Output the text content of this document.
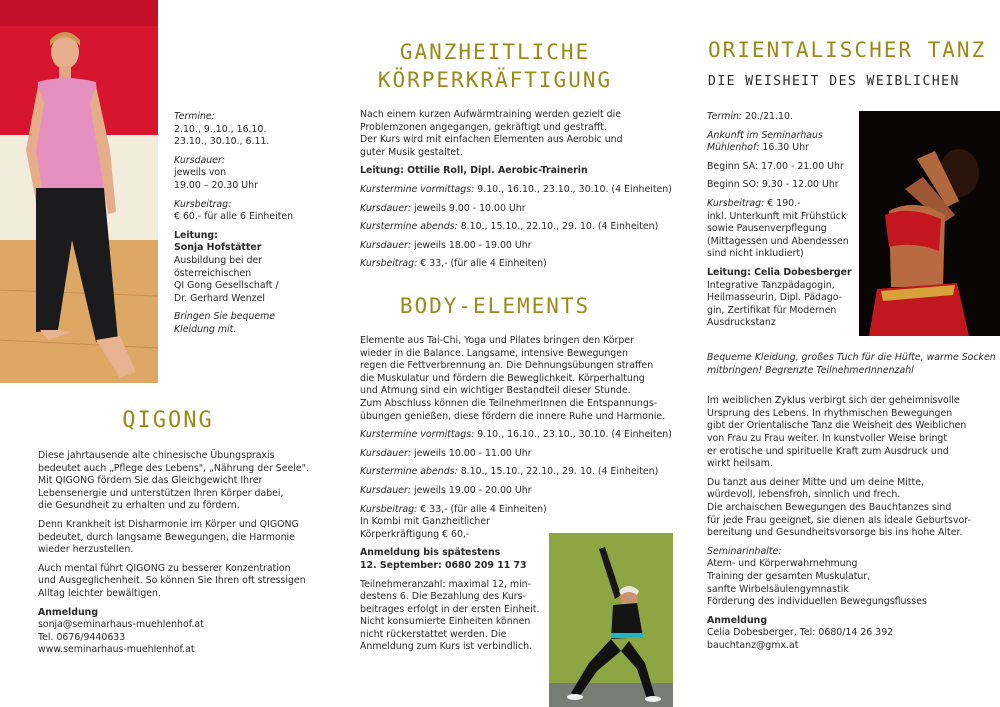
Termine:
2.10., 9.,10., 16.10.
23.10., 30.10., 6.11.
Kursdauer:
jeweils von
19.00 – 20.30 Uhr
Kursbeitrag:
€ 60.- für alle 6 Einheiten
Leitung:
Sonja Hofstätter
Ausbildung bei der
österreichischen
QI Gong Gesellschaft /
Dr. Gerhard Wenzel
Bringen Sie bequeme
Kleidung mit.
QIGONG
Diese jahrtausende alte chinesische Übungspraxis
bedeutet auch „Pflege des Lebens", „Nährung der Seele".
Mit QIGONG fördern Sie das Gleichgewicht Ihrer
Lebensenergie und unterstützen Ihren Körper dabei,
die Gesundheit zu erhalten und zu fördern.
Denn Krankheit ist Disharmonie im Körper und QIGONG
bedeutet, durch langsame Bewegungen, die Harmonie
wieder herzustellen.
Auch mental führt QIGONG zu besserer Konzentration
und Ausgeglichenheit. So können Sie Ihren oft stressigen
Alltag leichter bewältigen.
Anmeldung
sonja@seminarhaus-muehlenhof.at
Tel. 0676/9440633
www.seminarhaus-muehlenhof.at
GANZHEITLICHE
KÖRPERKRÄFTIGUNG
Nach einem kurzen Aufwärmtraining werden gezielt die
Problemzonen angegangen, gekräftigt und gestrafft.
Der Kurs wird mit einfachen Elementen aus Aerobic und
guter Musik gestaltet.
Leitung: Ottilie Roll, Dipl. Aerobic-Trainerin
Kurstermine vormittags: 9.10., 16.10., 23.10., 30.10. (4 Einheiten)
Kursdauer: jeweils 9.00 - 10.00 Uhr
Kurstermine abends: 8.10., 15.10., 22.10., 29. 10. (4 Einheiten)
Kursdauer: jeweils 18.00 - 19.00 Uhr
Kursbeitrag: € 33,- (für alle 4 Einheiten)
BODY-ELEMENTS
Elemente aus Tai-Chi, Yoga und Pilates bringen den Körper
wieder in die Balance. Langsame, intensive Bewegungen
regen die Fettverbrennung an. Die Dehnungsübungen straffen
die Muskulatur und fördern die Beweglichkeit. Körperhaltung
und Atmung sind ein wichtiger Bestandteil dieser Stunde.
Zum Abschluss können die TeilnehmerInnen die Entspannungs-
übungen genießen, diese fördern die innere Ruhe und Harmonie.
Kurstermine vormittags: 9.10., 16.10., 23.10., 30.10. (4 Einheiten)
Kursdauer: jeweils 10.00 - 11.00 Uhr
Kurstermine abends: 8.10., 15.10., 22.10., 29. 10. (4 Einheiten)
Kursdauer: jeweils 19.00 - 20.00 Uhr
Kursbeitrag: € 33,- (für alle 4 Einheiten)
In Kombi mit Ganzheitlicher
Körperkräftigung € 60,-
Anmeldung bis spätestens
12. September: 0680 209 11 73
Teilnehmeranzahl: maximal 12, min-
destens 6. Die Bezahlung des Kurs-
beitrages erfolgt in der ersten Einheit.
Nicht konsumierte Einheiten können
nicht rückerstattet werden. Die
Anmeldung zum Kurs ist verbindlich.
ORIENTALISCHER TANZ
DIE WEISHEIT DES WEIBLICHEN
Termin: 20./21.10.
Ankunft im Seminarhaus
Mühlenhof: 16.30 Uhr
Beginn SA: 17.00 - 21.00 Uhr
Beginn SO: 9.30 - 12.00 Uhr
Kursbeitrag: € 190.-
inkl. Unterkunft mit Frühstück
sowie Pausenverpflegung
(Mittagessen und Abendessen
sind nicht inkludiert)
Leitung: Celia Dobesberger
Integrative Tanzpädagogin,
Heilmasseurin, Dipl. Pädago-
gin, Zertifikat für Modernen
Ausdruckstanz
Bequeme Kleidung, großes Tuch für die Hüfte, warme Socken
mitbringen! Begrenzte TeilnehmerInnenzahl
Im weiblichen Zyklus verbirgt sich der geheimnisvolle
Ursprung des Lebens. In rhythmischen Bewegungen
gibt der Orientalische Tanz die Weisheit des Weiblichen
von Frau zu Frau weiter. In kunstvoller Weise bringt
er erotische und spirituelle Kraft zum Ausdruck und
wirkt heilsam.
Du tanzt aus deiner Mitte und um deine Mitte,
würdevoll, lebensfroh, sinnlich und frech.
Die archaischen Bewegungen des Bauchtanzes sind
für jede Frau geeignet, sie dienen als ideale Geburtsvor-
bereitung und Gesundheitsvorsorge bis ins hohe Alter.
Seminarinhalte:
Atem- und Körperwahrnehmung
Training der gesamten Muskulatur,
sanfte Wirbelsäulengymnastik
Förderung des individuellen Bewegungsflusses
Anmeldung
Celia Dobesberger, Tel: 0680/14 26 392
bauchtanz@gmx.at
